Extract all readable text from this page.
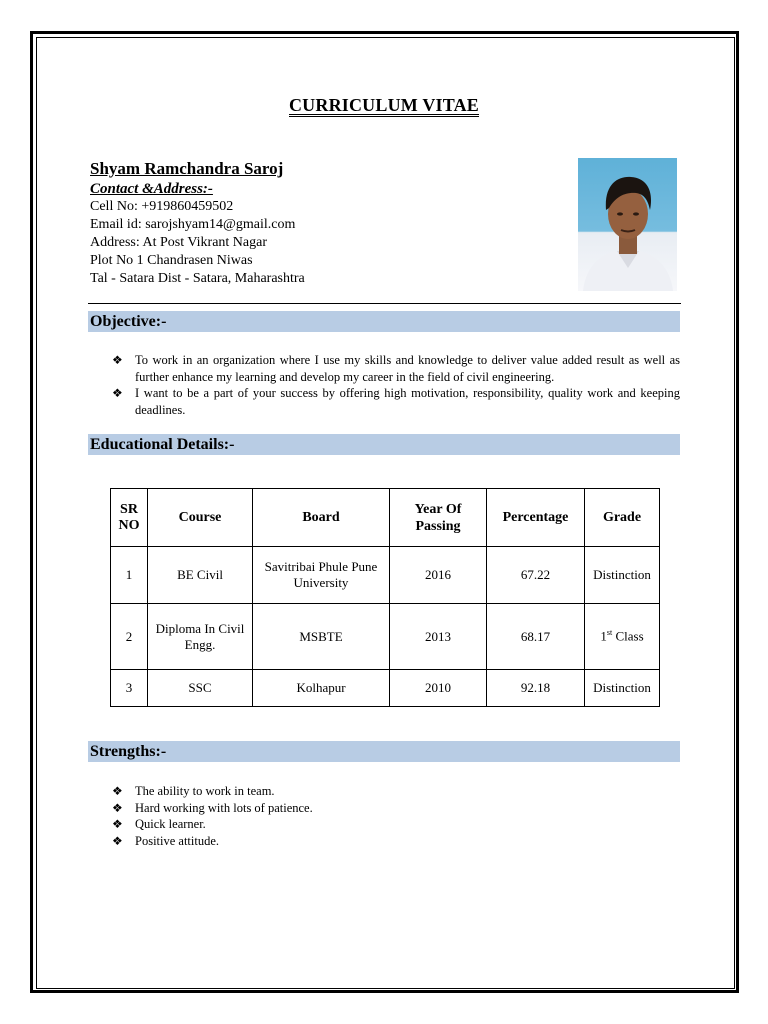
CURRICULUM VITAE
Shyam Ramchandra Saroj
Contact &Address:-
Cell No: +919860459502
Email id: sarojshyam14@gmail.com
Address: At Post Vikrant Nagar
Plot No 1 Chandrasen Niwas
Tal - Satara Dist - Satara, Maharashtra
Objective:-
❖ To work in an organization where I use my skills and knowledge to deliver value added result as well as further enhance my learning and develop my career in the field of civil engineering.
❖ I want to be a part of your success by offering high motivation, responsibility, quality work and keeping deadlines.
Educational Details:-
SR NO	Course	Board	Year Of Passing	Percentage	Grade
1	BE Civil	Savitribai Phule Pune University	2016	67.22	Distinction
2	Diploma In Civil Engg.	MSBTE	2013	68.17	1st Class
3	SSC	Kolhapur	2010	92.18	Distinction
Strengths:-
❖ The ability to work in team.
❖ Hard working with lots of patience.
❖ Quick learner.
❖ Positive attitude.
